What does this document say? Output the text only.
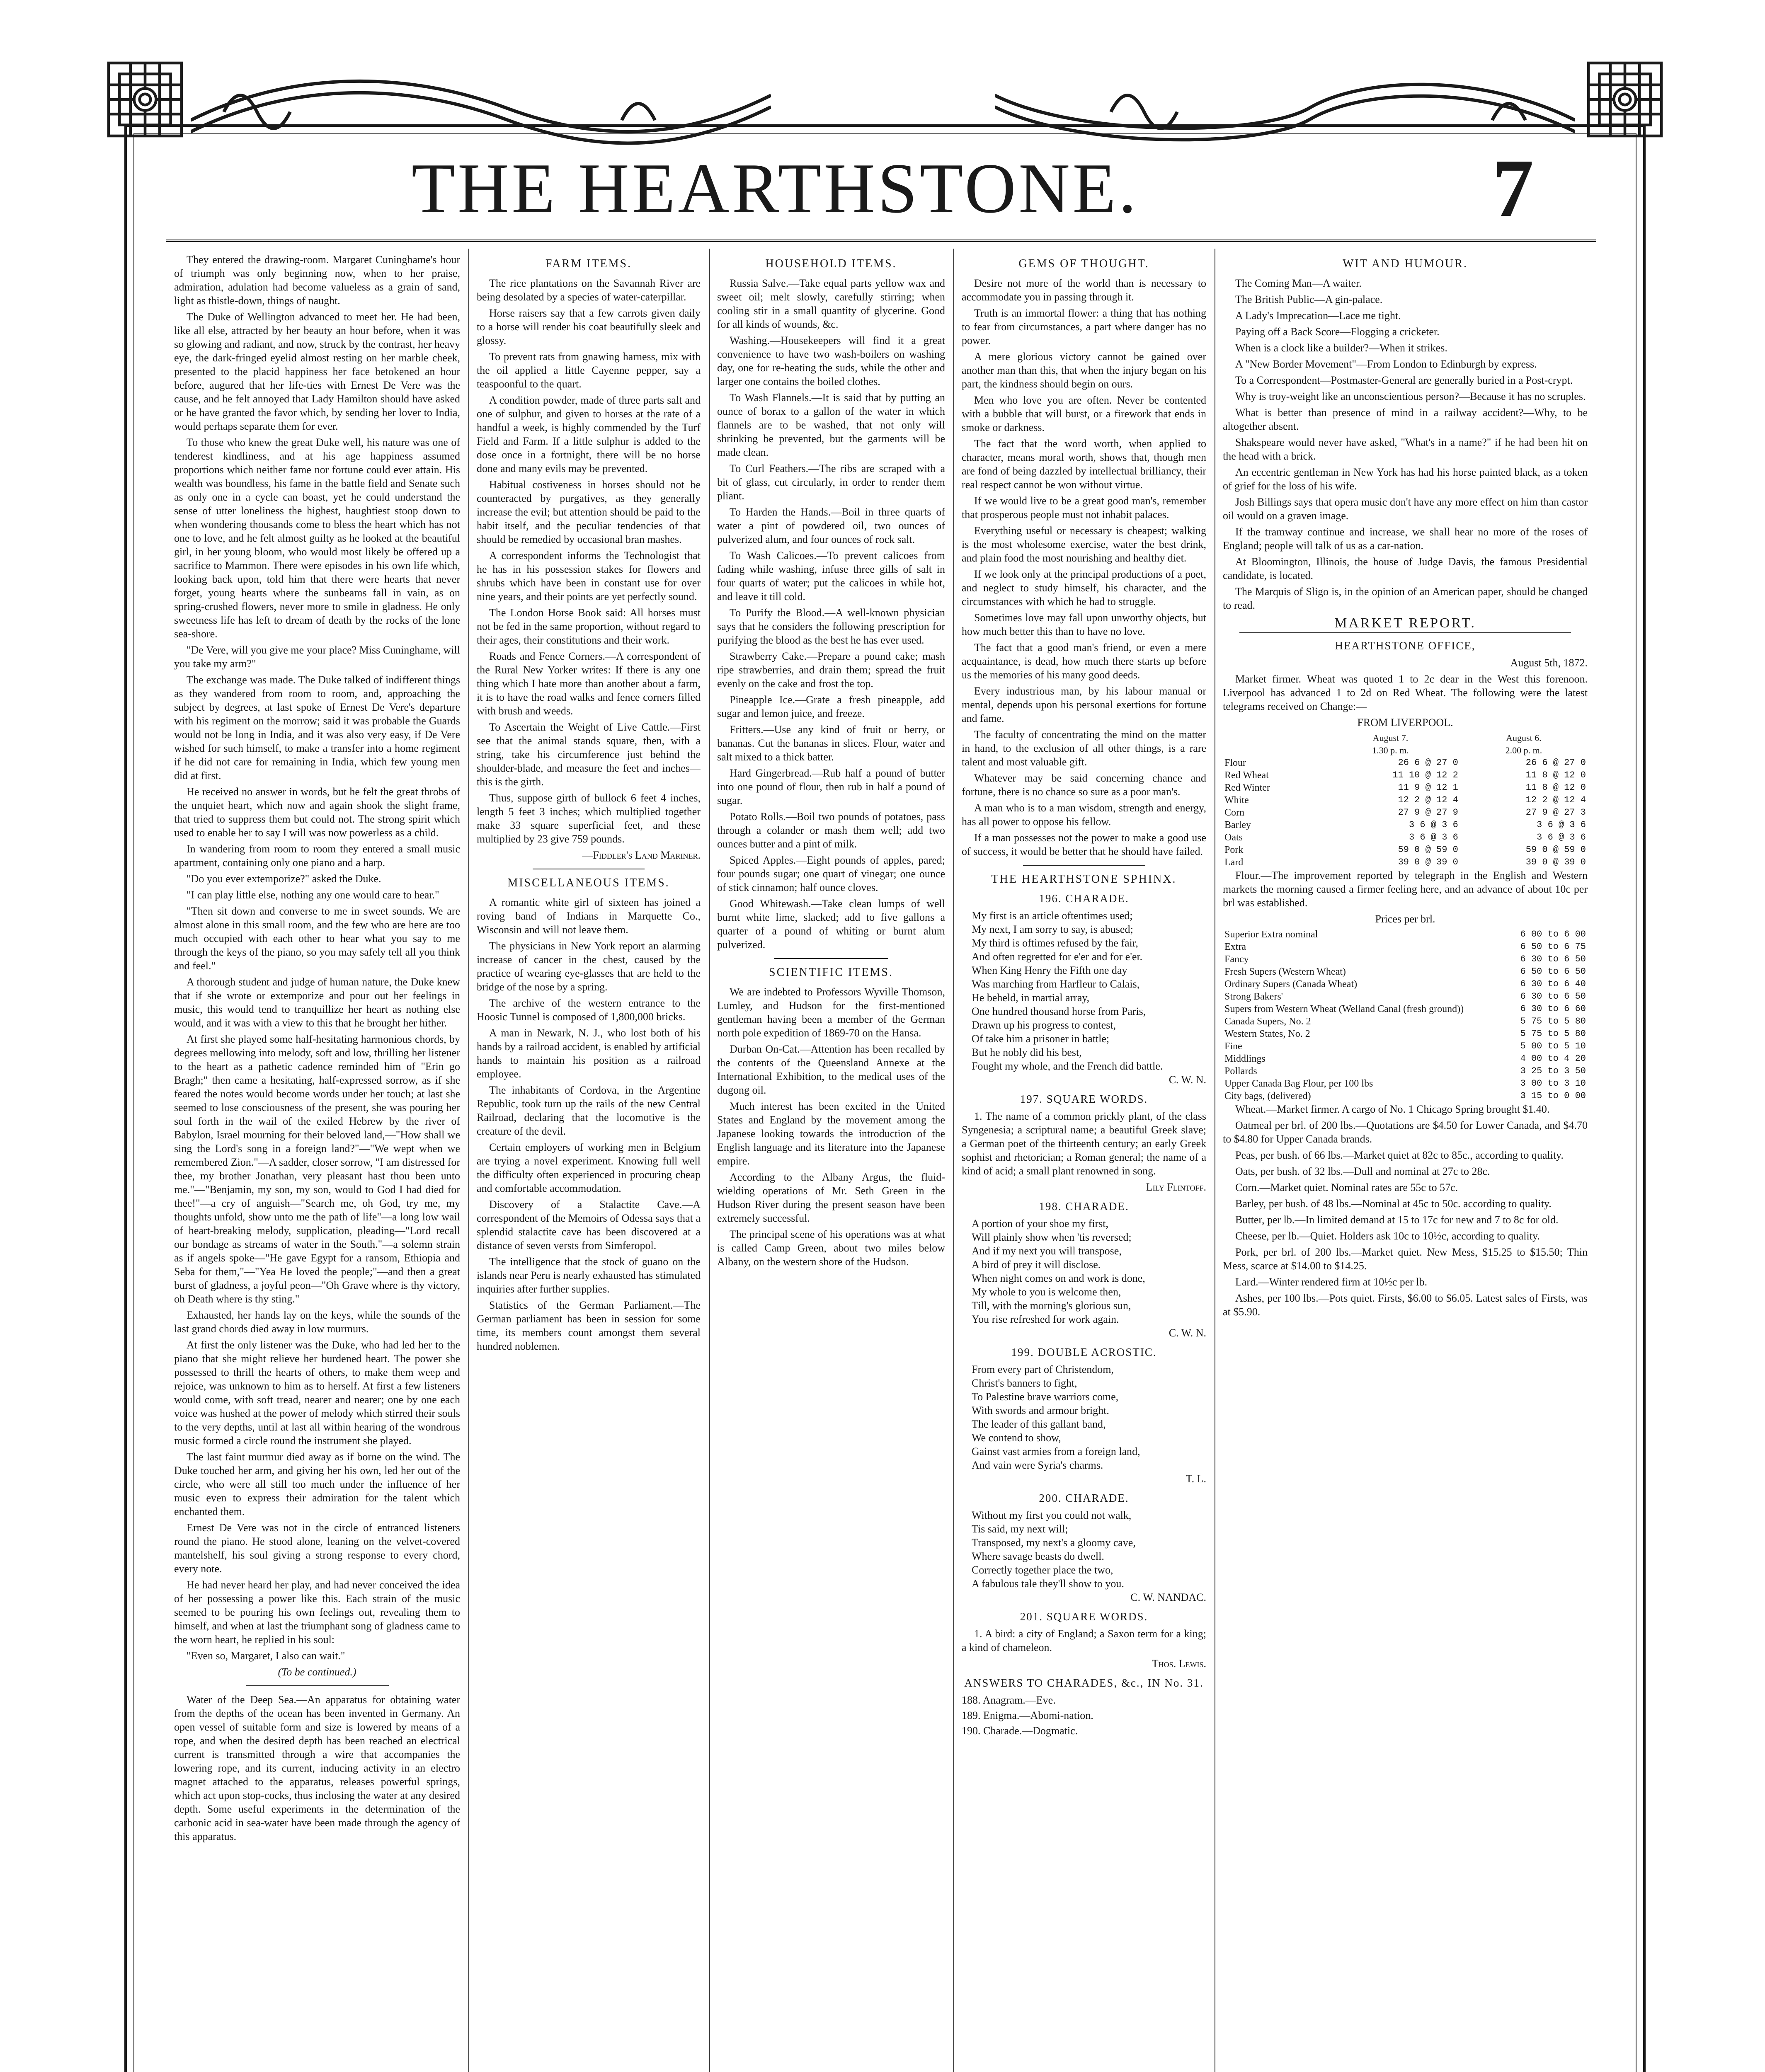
THE HEARTHSTONE.	7

They entered the drawing-room. Margaret Cuninghame's hour of triumph was only beginning now, when to her praise, admiration, adulation had become valueless as a grain of sand, light as thistle-down, things of naught.

The Duke of Wellington advanced to meet her. He had been, like all else, attracted by her beauty an hour before, when it was so glowing and radiant, and now, struck by the contrast, her heavy eye, the dark-fringed eyelid almost resting on her marble cheek, presented to the placid happiness her face betokened an hour before, augured that her life-ties with Ernest De Vere was the cause, and he felt annoyed that Lady Hamilton should have asked or he have granted the favor which, by sending her lover to India, would perhaps separate them for ever.

To those who knew the great Duke well, his nature was one of tenderest kindliness, and at his age happiness assumed proportions which neither fame nor fortune could ever attain. His wealth was boundless, his fame in the battle field and Senate such as only one in a cycle can boast, yet he could understand the sense of utter loneliness the highest, haughtiest stoop down to when wondering thousands come to bless the heart which has not one to love, and he felt almost guilty as he looked at the beautiful girl, in her young bloom, who would most likely be offered up a sacrifice to Mammon. There were episodes in his own life which, looking back upon, told him that there were hearts that never forget, young hearts where the sunbeams fall in vain, as on spring-crushed flowers, never more to smile in gladness. He only sweetness life has left to dream of death by the rocks of the lone sea-shore.

"De Vere, will you give me your place? Miss Cuninghame, will you take my arm?"

The exchange was made. The Duke talked of indifferent things as they wandered from room to room, and, approaching the subject by degrees, at last spoke of Ernest De Vere's departure with his regiment on the morrow; said it was probable the Guards would not be long in India, and it was also very easy, if De Vere wished for such himself, to make a transfer into a home regiment if he did not care for remaining in India, which few young men did at first.

He received no answer in words, but he felt the great throbs of the unquiet heart, which now and again shook the slight frame, that tried to suppress them but could not. The strong spirit which used to enable her to say I will was now powerless as a child.

In wandering from room to room they entered a small music apartment, containing only one piano and a harp.

"Do you ever extemporize?" asked the Duke.

"I can play little else, nothing any one would care to hear."

"Then sit down and converse to me in sweet sounds. We are almost alone in this small room, and the few who are here are too much occupied with each other to hear what you say to me through the keys of the piano, so you may safely tell all you think and feel."

A thorough student and judge of human nature, the Duke knew that if she wrote or extemporize and pour out her feelings in music, this would tend to tranquillize her heart as nothing else would, and it was with a view to this that he brought her hither.

At first she played some half-hesitating harmonious chords, by degrees mellowing into melody, soft and low, thrilling her listener to the heart as a pathetic cadence reminded him of "Erin go Bragh;" then came a hesitating, half-expressed sorrow, as if she feared the notes would become words under her touch; at last she seemed to lose consciousness of the present, she was pouring her soul forth in the wail of the exiled Hebrew by the river of Babylon, Israel mourning for their beloved land,—"How shall we sing the Lord's song in a foreign land?"—"We wept when we remembered Zion."—A sadder, closer sorrow, "I am distressed for thee, my brother Jonathan, very pleasant hast thou been unto me."—"Benjamin, my son, my son, would to God I had died for thee!"—a cry of anguish—"Search me, oh God, try me, my thoughts unfold, show unto me the path of life"—a long low wail of heart-breaking melody, supplication, pleading—"Lord recall our bondage as streams of water in the South."—a solemn strain as if angels spoke—"He gave Egypt for a ransom, Ethiopia and Seba for them,"—"Yea He loved the people;"—and then a great burst of gladness, a joyful peon—"Oh Grave where is thy victory, oh Death where is thy sting."

Exhausted, her hands lay on the keys, while the sounds of the last grand chords died away in low murmurs.

At first the only listener was the Duke, who had led her to the piano that she might relieve her burdened heart. The power she possessed to thrill the hearts of others, to make them weep and rejoice, was unknown to him as to herself. At first a few listeners would come, with soft tread, nearer and nearer; one by one each voice was hushed at the power of melody which stirred their souls to the very depths, until at last all within hearing of the wondrous music formed a circle round the instrument she played.

The last faint murmur died away as if borne on the wind. The Duke touched her arm, and giving her his own, led her out of the circle, who were all still too much under the influence of her music even to express their admiration for the talent which enchanted them.

Ernest De Vere was not in the circle of entranced listeners round the piano. He stood alone, leaning on the velvet-covered mantelshelf, his soul giving a strong response to every chord, every note.

He had never heard her play, and had never conceived the idea of her possessing a power like this. Each strain of the music seemed to be pouring his own feelings out, revealing them to himself, and when at last the triumphant song of gladness came to the worn heart, he replied in his soul:

"Even so, Margaret, I also can wait."

(To be continued.)

Water of the Deep Sea.—An apparatus for obtaining water from the depths of the ocean has been invented in Germany. An open vessel of suitable form and size is lowered by means of a rope, and when the desired depth has been reached an electrical current is transmitted through a wire that accompanies the lowering rope, and its current, inducing activity in an electro magnet attached to the apparatus, releases powerful springs, which act upon stop-cocks, thus inclosing the water at any desired depth. Some useful experiments in the determination of the carbonic acid in sea-water have been made through the agency of this apparatus.

FARM ITEMS.

The rice plantations on the Savannah River are being desolated by a species of water-caterpillar.

Horse raisers say that a few carrots given daily to a horse will render his coat beautifully sleek and glossy.

To prevent rats from gnawing harness, mix with the oil applied a little Cayenne pepper, say a teaspoonful to the quart.

A condition powder, made of three parts salt and one of sulphur, and given to horses at the rate of a handful a week, is highly commended by the Turf Field and Farm. If a little sulphur is added to the dose once in a fortnight, there will be no horse done and many evils may be prevented.

Habitual costiveness in horses should not be counteracted by purgatives, as they generally increase the evil; but attention should be paid to the habit itself, and the peculiar tendencies of that should be remedied by occasional bran mashes.

A correspondent informs the Technologist that he has in his possession stakes for flowers and shrubs which have been in constant use for over nine years, and their points are yet perfectly sound.

The London Horse Book said: All horses must not be fed in the same proportion, without regard to their ages, their constitutions and their work.

Roads and Fence Corners.—A correspondent of the Rural New Yorker writes: If there is any one thing which I hate more than another about a farm, it is to have the road walks and fence corners filled with brush and weeds.

To Ascertain the Weight of Live Cattle.—First see that the animal stands square, then, with a string, take his circumference just behind the shoulder-blade, and measure the feet and inches—this is the girth.

Thus, suppose girth of bullock 6 feet 4 inches, length 5 feet 3 inches; which multiplied together make 33 square superficial feet, and these multiplied by 23 give 759 pounds.

—Fiddler's Land Mariner.

MISCELLANEOUS ITEMS.

A romantic white girl of sixteen has joined a roving band of Indians in Marquette Co., Wisconsin and will not leave them.

The physicians in New York report an alarming increase of cancer in the chest, caused by the practice of wearing eye-glasses that are held to the bridge of the nose by a spring.

The archive of the western entrance to the Hoosic Tunnel is composed of 1,800,000 bricks.

A man in Newark, N. J., who lost both of his hands by a railroad accident, is enabled by artificial hands to maintain his position as a railroad employee.

The inhabitants of Cordova, in the Argentine Republic, took turn up the rails of the new Central Railroad, declaring that the locomotive is the creature of the devil.

Certain employers of working men in Belgium are trying a novel experiment. Knowing full well the difficulty often experienced in procuring cheap and comfortable accommodation.

Discovery of a Stalactite Cave.—A correspondent of the Memoirs of Odessa says that a splendid stalactite cave has been discovered at a distance of seven versts from Simferopol.

The intelligence that the stock of guano on the islands near Peru is nearly exhausted has stimulated inquiries after further supplies.

Statistics of the German Parliament.—The German parliament has been in session for some time, its members count amongst them several hundred noblemen.

HOUSEHOLD ITEMS.

Russia Salve.—Take equal parts yellow wax and sweet oil; melt slowly, carefully stirring; when cooling stir in a small quantity of glycerine. Good for all kinds of wounds, &c.

Washing.—Housekeepers will find it a great convenience to have two wash-boilers on washing day, one for re-heating the suds, while the other and larger one contains the boiled clothes.

To Wash Flannels.—It is said that by putting an ounce of borax to a gallon of the water in which flannels are to be washed, that not only will shrinking be prevented, but the garments will be made clean.

To Curl Feathers.—The ribs are scraped with a bit of glass, cut circularly, in order to render them pliant.

To Harden the Hands.—Boil in three quarts of water a pint of powdered oil, two ounces of pulverized alum, and four ounces of rock salt.

To Wash Calicoes.—To prevent calicoes from fading while washing, infuse three gills of salt in four quarts of water; put the calicoes in while hot, and leave it till cold.

To Purify the Blood.—A well-known physician says that he considers the following prescription for purifying the blood as the best he has ever used.

Strawberry Cake.—Prepare a pound cake; mash ripe strawberries, and drain them; spread the fruit evenly on the cake and frost the top.

Pineapple Ice.—Grate a fresh pineapple, add sugar and lemon juice, and freeze.

Fritters.—Use any kind of fruit or berry, or bananas. Cut the bananas in slices. Flour, water and salt mixed to a thick batter.

Hard Gingerbread.—Rub half a pound of butter into one pound of flour, then rub in half a pound of sugar.

Potato Rolls.—Boil two pounds of potatoes, pass through a colander or mash them well; add two ounces butter and a pint of milk.

Spiced Apples.—Eight pounds of apples, pared; four pounds sugar; one quart of vinegar; one ounce of stick cinnamon; half ounce cloves.

Good Whitewash.—Take clean lumps of well burnt white lime, slacked; add to five gallons a quarter of a pound of whiting or burnt alum pulverized.

SCIENTIFIC ITEMS.

We are indebted to Professors Wyville Thomson, Lumley, and Hudson for the first-mentioned gentleman having been a member of the German north pole expedition of 1869-70 on the Hansa.

Durban On-Cat.—Attention has been recalled by the contents of the Queensland Annexe at the International Exhibition, to the medical uses of the dugong oil.

Much interest has been excited in the United States and England by the movement among the Japanese looking towards the introduction of the English language and its literature into the Japanese empire.

According to the Albany Argus, the fluid-wielding operations of Mr. Seth Green in the Hudson River during the present season have been extremely successful.

The principal scene of his operations was at what is called Camp Green, about two miles below Albany, on the western shore of the Hudson.

GEMS OF THOUGHT.

Desire not more of the world than is necessary to accommodate you in passing through it.

Truth is an immortal flower: a thing that has nothing to fear from circumstances, a part where danger has no power.

A mere glorious victory cannot be gained over another man than this, that when the injury began on his part, the kindness should begin on ours.

Men who love you are often. Never be contented with a bubble that will burst, or a firework that ends in smoke or darkness.

The fact that the word worth, when applied to character, means moral worth, shows that, though men are fond of being dazzled by intellectual brilliancy, their real respect cannot be won without virtue.

If we would live to be a great good man's, remember that prosperous people must not inhabit palaces.

Everything useful or necessary is cheapest; walking is the most wholesome exercise, water the best drink, and plain food the most nourishing and healthy diet.

If we look only at the principal productions of a poet, and neglect to study himself, his character, and the circumstances with which he had to struggle.

Sometimes love may fall upon unworthy objects, but how much better this than to have no love.

The fact that a good man's friend, or even a mere acquaintance, is dead, how much there starts up before us the memories of his many good deeds.

Every industrious man, by his labour manual or mental, depends upon his personal exertions for fortune and fame.

The faculty of concentrating the mind on the matter in hand, to the exclusion of all other things, is a rare talent and most valuable gift.

Whatever may be said concerning chance and fortune, there is no chance so sure as a poor man's.

A man who is to a man wisdom, strength and energy, has all power to oppose his fellow.

If a man possesses not the power to make a good use of success, it would be better that he should have failed.

THE HEARTHSTONE SPHINX.
196. CHARADE.

My first is an article oftentimes used;

My next, I am sorry to say, is abused;

My third is oftimes refused by the fair,

And often regretted for e'er and for e'er.

When King Henry the Fifth one day

Was marching from Harfleur to Calais,

He beheld, in martial array,

One hundred thousand horse from Paris,

Drawn up his progress to contest,

Of take him a prisoner in battle;

But he nobly did his best,

Fought my whole, and the French did battle.

C. W. N.

197. SQUARE WORDS.

1. The name of a common prickly plant, of the class Syngenesia; a scriptural name; a beautiful Greek slave; a German poet of the thirteenth century; an early Greek sophist and rhetorician; a Roman general; the name of a kind of acid; a small plant renowned in song.

Lily Flintoff.

198. CHARADE.

A portion of your shoe my first,

Will plainly show when 'tis reversed;

And if my next you will transpose,

A bird of prey it will disclose.

When night comes on and work is done,

My whole to you is welcome then,

Till, with the morning's glorious sun,

You rise refreshed for work again.

C. W. N.

199. DOUBLE ACROSTIC.

From every part of Christendom,

Christ's banners to fight,

To Palestine brave warriors come,

With swords and armour bright.

The leader of this gallant band,

We contend to show,

Gainst vast armies from a foreign land,

And vain were Syria's charms.

T. L.

200. CHARADE.

Without my first you could not walk,

Tis said, my next will;

Transposed, my next's a gloomy cave,

Where savage beasts do dwell.

Correctly together place the two,

A fabulous tale they'll show to you.

C. W. NANDAC.

201. SQUARE WORDS.

1. A bird: a city of England; a Saxon term for a king; a kind of chameleon.

Thos. Lewis.

ANSWERS TO CHARADES, &c., IN No. 31.

188. Anagram.—Eve.

189. Enigma.—Abomi-nation.

190. Charade.—Dogmatic.

WIT AND HUMOUR.

The Coming Man—A waiter.

The British Public—A gin-palace.

A Lady's Imprecation—Lace me tight.

Paying off a Back Score—Flogging a cricketer.

When is a clock like a builder?—When it strikes.

A "New Border Movement"—From London to Edinburgh by express.

To a Correspondent—Postmaster-General are generally buried in a Post-crypt.

Why is troy-weight like an unconscientious person?—Because it has no scruples.

What is better than presence of mind in a railway accident?—Why, to be altogether absent.

Shakspeare would never have asked, "What's in a name?" if he had been hit on the head with a brick.

An eccentric gentleman in New York has had his horse painted black, as a token of grief for the loss of his wife.

Josh Billings says that opera music don't have any more effect on him than castor oil would on a graven image.

If the tramway continue and increase, we shall hear no more of the roses of England; people will talk of us as a car-nation.

At Bloomington, Illinois, the house of Judge Davis, the famous Presidential candidate, is located.

The Marquis of Sligo is, in the opinion of an American paper, should be changed to read.

MARKET REPORT.
HEARTHSTONE OFFICE,

August 5th, 1872.

Market firmer. Wheat was quoted 1 to 2c dear in the West this forenoon. Liverpool has advanced 1 to 2d on Red Wheat. The following were the latest telegrams received on Change:—

FROM LIVERPOOL.

	August 7.	August 6.
	1.30 p. m.	2.00 p. m.
Flour	26 6 @ 27 0	26 6 @ 27 0
Red Wheat	11 10 @ 12 2	11 8 @ 12 0
Red Winter	11 9 @ 12 1	11 8 @ 12 0
White	12 2 @ 12 4	12 2 @ 12 4
Corn	27 9 @ 27 9	27 9 @ 27 3
Barley	3 6 @ 3 6	3 6 @ 3 6
Oats	3 6 @ 3 6	3 6 @ 3 6
Pork	59 0 @ 59 0	59 0 @ 59 0
Lard	39 0 @ 39 0	39 0 @ 39 0

Flour.—The improvement reported by telegraph in the English and Western markets the morning caused a firmer feeling here, and an advance of about 10c per brl was established.

Prices per brl.

Superior Extra nominal	6 00 to 6 00
Extra	6 50 to 6 75
Fancy	6 30 to 6 50
Fresh Supers (Western Wheat)	6 50 to 6 50
Ordinary Supers (Canada Wheat)	6 30 to 6 40
Strong Bakers'	6 30 to 6 50
Supers from Western Wheat (Welland Canal (fresh ground))	6 30 to 6 60
Canada Supers, No. 2	5 75 to 5 80
Western States, No. 2	5 75 to 5 80
Fine	5 00 to 5 10
Middlings	4 00 to 4 20
Pollards	3 25 to 3 50
Upper Canada Bag Flour, per 100 lbs	3 00 to 3 10
City bags, (delivered)	3 15 to 0 00

Wheat.—Market firmer. A cargo of No. 1 Chicago Spring brought $1.40.

Oatmeal per brl. of 200 lbs.—Quotations are $4.50 for Lower Canada, and $4.70 to $4.80 for Upper Canada brands.

Peas, per bush. of 66 lbs.—Market quiet at 82c to 85c., according to quality.

Oats, per bush. of 32 lbs.—Dull and nominal at 27c to 28c.

Corn.—Market quiet. Nominal rates are 55c to 57c.

Barley, per bush. of 48 lbs.—Nominal at 45c to 50c. according to quality.

Butter, per lb.—In limited demand at 15 to 17c for new and 7 to 8c for old.

Cheese, per lb.—Quiet. Holders ask 10c to 10½c, according to quality.

Pork, per brl. of 200 lbs.—Market quiet. New Mess, $15.25 to $15.50; Thin Mess, scarce at $14.00 to $14.25.

Lard.—Winter rendered firm at 10½c per lb.

Ashes, per 100 lbs.—Pots quiet. Firsts, $6.00 to $6.05. Latest sales of Firsts, was at $5.90.
